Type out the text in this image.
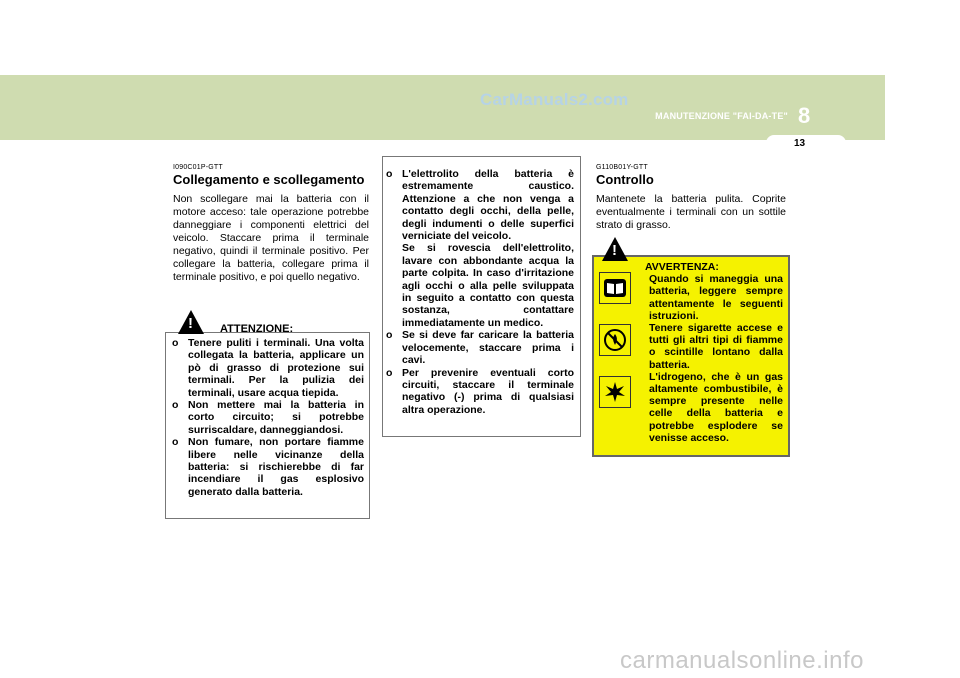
CarManuals2.com
MANUTENZIONE "FAI-DA-TE" 8
13
I090C01P-GTT
Collegamento e scollegamento

Non scollegare mai la batteria con il motore acceso: tale operazione potrebbe danneggiare i componenti elettrici del veicolo. Staccare prima il terminale negativo, quindi il terminale positivo. Per collegare la batteria, collegare prima il terminale positivo, e poi quello negativo.

!	ATTENZIONE:
o Tenere puliti i terminali. Una volta collegata la batteria, applicare un pò di grasso di protezione sui terminali. Per la pulizia dei terminali, usare acqua tiepida.
o Non mettere mai la batteria in corto circuito; si potrebbe surriscaldare, danneggiandosi.
o Non fumare, non portare fiamme libere nelle vicinanze della batteria: si rischierebbe di far incendiare il gas esplosivo generato dalla batteria.
o L'elettrolito della batteria è estremamente caustico. Attenzione a che non venga a contatto degli occhi, della pelle, degli indumenti o delle superfici verniciate del veicolo.
Se si rovescia dell'elettrolito, lavare con abbondante acqua la parte colpita. In caso d'irritazione agli occhi o alla pelle sviluppata in seguito a contatto con questa sostanza, contattare immediatamente un medico.
o Se si deve far caricare la batteria velocemente, staccare prima i cavi.
o Per prevenire eventuali corto circuiti, staccare il terminale negativo (-) prima di qualsiasi altra operazione.
G110B01Y-GTT
Controllo

Mantenete la batteria pulita. Coprite eventualmente i terminali con un sottile strato di grasso.

!
AVVERTENZA:
Quando si maneggia una batteria, leggere sempre attentamente le seguenti istruzioni.
Tenere sigarette accese e tutti gli altri tipi di fiamme o scintille lontano dalla batteria.
L'idrogeno, che è un gas altamente combustibile, è sempre presente nelle celle della batteria e potrebbe esplodere se venisse acceso.
carmanualsonline.info
